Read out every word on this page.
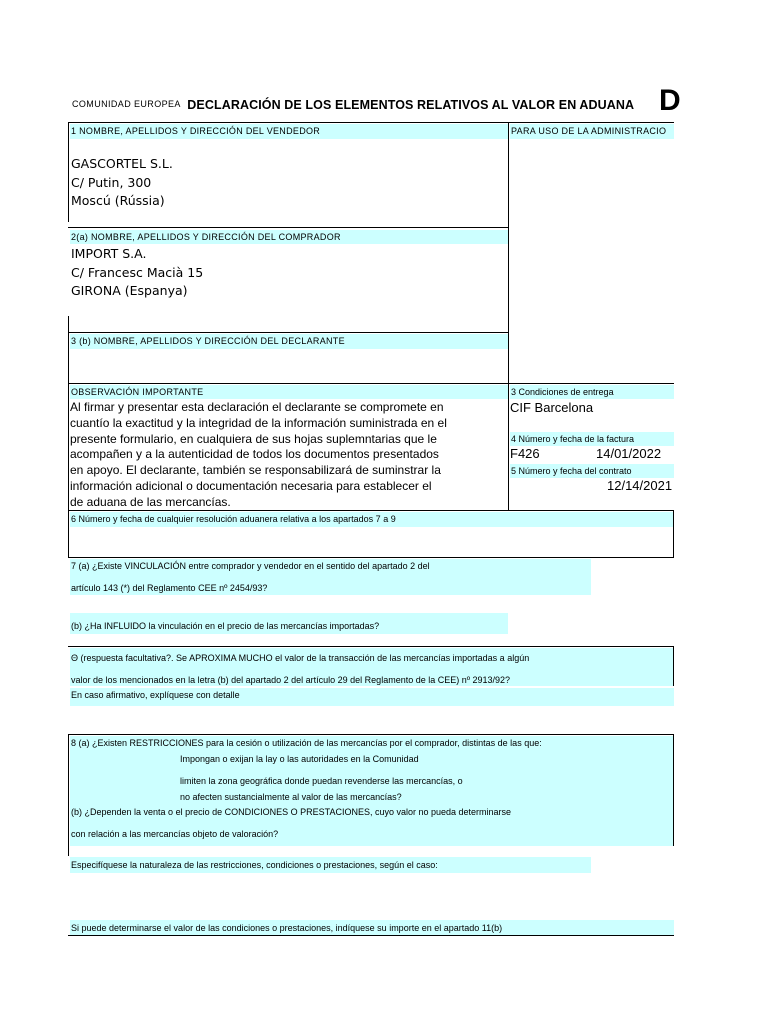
COMUNIDAD EUROPEA DECLARACIÓN DE LOS ELEMENTOS RELATIVOS AL VALOR EN ADUANA D
1 NOMBRE, APELLIDOS Y DIRECCIÓN DEL VENDEDOR
GASCORTEL S.L.
C/ Putin, 300
Moscú (Rússia)
PARA USO DE LA ADMINISTRACIO
2(a) NOMBRE, APELLIDOS Y DIRECCIÓN DEL COMPRADOR
IMPORT S.A.
C/ Francesc Macià 15
GIRONA (Espanya)
3 (b) NOMBRE, APELLIDOS Y DIRECCIÓN DEL DECLARANTE
OBSERVACIÓN IMPORTANTE
Al firmar y presentar esta declaración el declarante se compromete en
cuantío la exactitud y la integridad de la información suministrada en el
presente formulario, en cualquiera de sus hojas suplemntarias que le
acompañen y a la autenticidad de todos los documentos presentados
en apoyo. El declarante, también se responsabilizará de suminstrar la
información adicional o documentación necesaria para establecer el
de aduana de las mercancías.
3 Condiciones de entrega
CIF Barcelona
4 Número y fecha de la factura
F426	14/01/2022
5 Número y fecha del contrato
12/14/2021
6 Número y fecha de cualquier resolución aduanera relativa a los apartados 7 a 9
7 (a) ¿Existe VINCULACIÓN entre comprador y vendedor en el sentido del apartado 2 del
artículo 143 (*) del Reglamento CEE nº 2454/93?
(b) ¿Ha INFLUIDO la vinculación en el precio de las mercancías importadas?
Θ (respuesta facultativa?. Se APROXIMA MUCHO el valor de la transacción de las mercancías importadas a algún
valor de los mencionados en la letra (b) del apartado 2 del artículo 29 del Reglamento de la CEE) nº 2913/92?
En caso afirmativo, explíquese con detalle
8 (a) ¿Existen RESTRICCIONES para la cesión o utilización de las mercancías por el comprador, distintas de las que:
Impongan o exijan la lay o las autoridades en la Comunidad
limiten la zona geográfica donde puedan revenderse las mercancías, o
no afecten sustancialmente al valor de las mercancías?
(b) ¿Dependen la venta o el precio de CONDICIONES O PRESTACIONES, cuyo valor no pueda determinarse
con relación a las mercancías objeto de valoración?
Especifíquese la naturaleza de las restricciones, condiciones o prestaciones, según el caso:
Si puede determinarse el valor de las condiciones o prestaciones, indíquese su importe en el apartado 11(b)
